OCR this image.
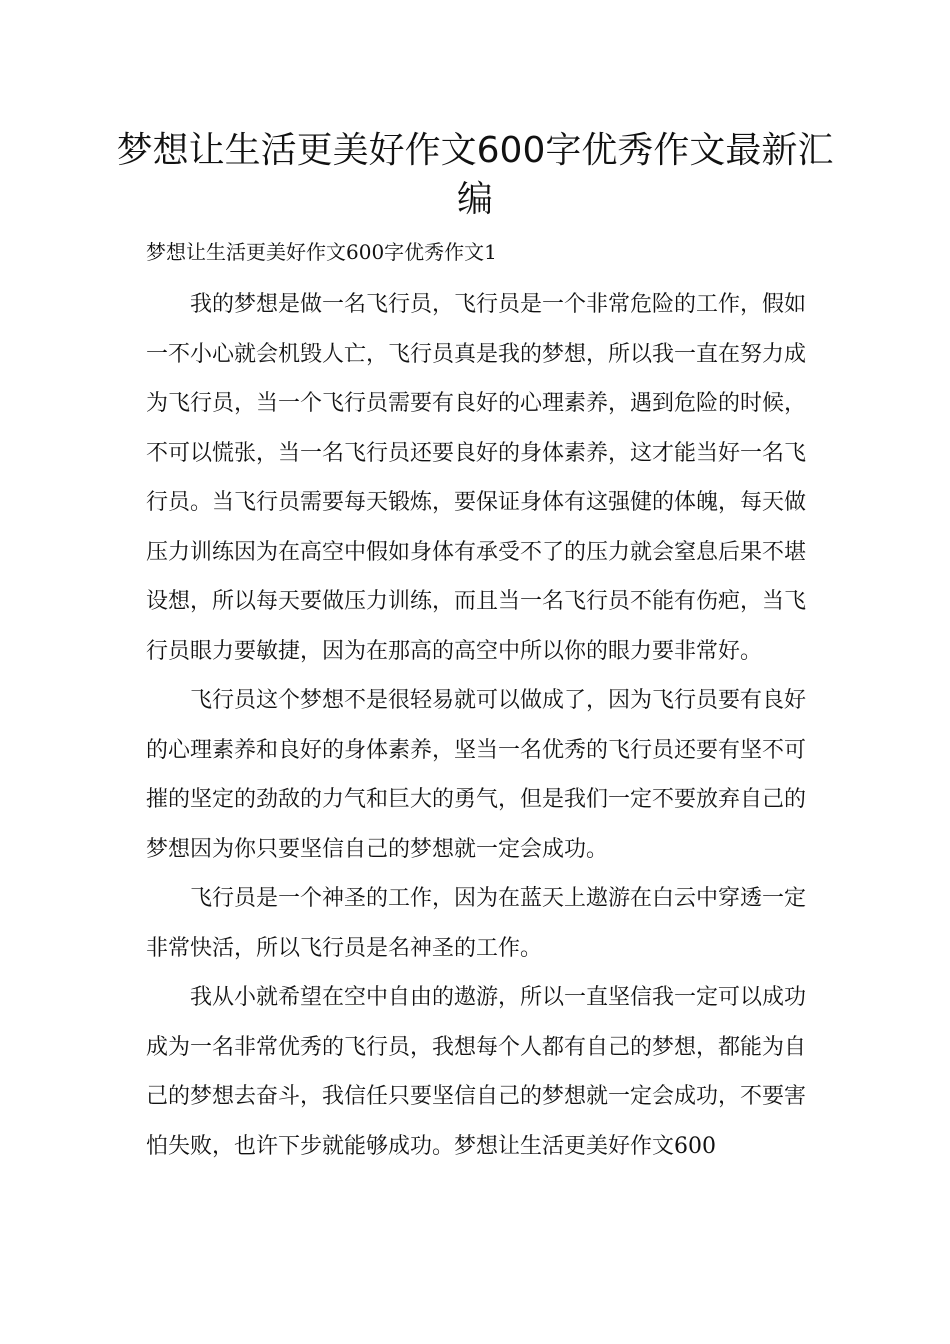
梦想让生活更美好作文600字优秀作文最新汇编

梦想让生活更美好作文600字优秀作文1

我的梦想是做一名飞行员，飞行员是一个非常危险的工作，假如一不小心就会机毁人亡，飞行员真是我的梦想，所以我一直在努力成为飞行员，当一个飞行员需要有良好的心理素养，遇到危险的时候，不可以慌张，当一名飞行员还要良好的身体素养，这才能当好一名飞行员。当飞行员需要每天锻炼，要保证身体有这强健的体魄，每天做压力训练因为在高空中假如身体有承受不了的压力就会窒息后果不堪设想，所以每天要做压力训练，而且当一名飞行员不能有伤疤，当飞行员眼力要敏捷，因为在那高的高空中所以你的眼力要非常好。

飞行员这个梦想不是很轻易就可以做成了，因为飞行员要有良好的心理素养和良好的身体素养，坚当一名优秀的飞行员还要有坚不可摧的坚定的劲敌的力气和巨大的勇气，但是我们一定不要放弃自己的梦想因为你只要坚信自己的梦想就一定会成功。

飞行员是一个神圣的工作，因为在蓝天上遨游在白云中穿透一定非常快活，所以飞行员是名神圣的工作。

我从小就希望在空中自由的遨游，所以一直坚信我一定可以成功成为一名非常优秀的飞行员，我想每个人都有自己的梦想，都能为自己的梦想去奋斗，我信任只要坚信自己的梦想就一定会成功，不要害怕失败，也许下步就能够成功。梦想让生活更美好作文600
